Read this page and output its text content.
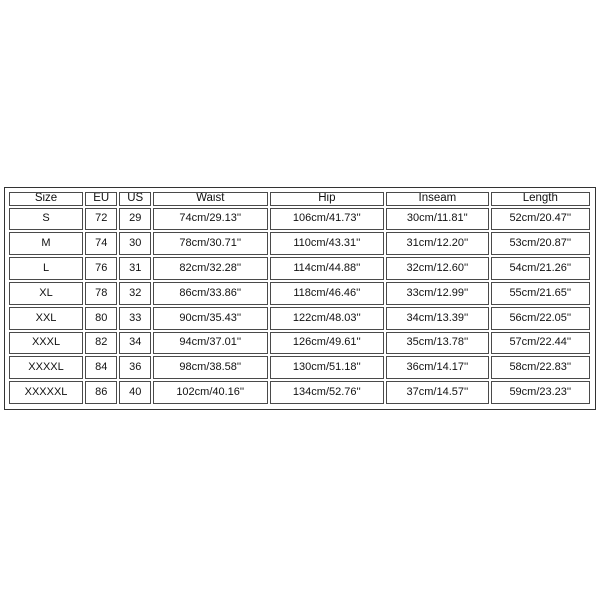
Size	EU	US	Waist	Hip	Inseam	Length
S	72	29	74cm/29.13''	106cm/41.73''	30cm/11.81''	52cm/20.47''
M	74	30	78cm/30.71''	110cm/43.31''	31cm/12.20''	53cm/20.87''
L	76	31	82cm/32.28''	114cm/44.88''	32cm/12.60''	54cm/21.26''
XL	78	32	86cm/33.86''	118cm/46.46''	33cm/12.99''	55cm/21.65''
XXL	80	33	90cm/35.43''	122cm/48.03''	34cm/13.39''	56cm/22.05''
XXXL	82	34	94cm/37.01''	126cm/49.61''	35cm/13.78''	57cm/22.44''
XXXXL	84	36	98cm/38.58''	130cm/51.18''	36cm/14.17''	58cm/22.83''
XXXXXL	86	40	102cm/40.16''	134cm/52.76''	37cm/14.57''	59cm/23.23''
